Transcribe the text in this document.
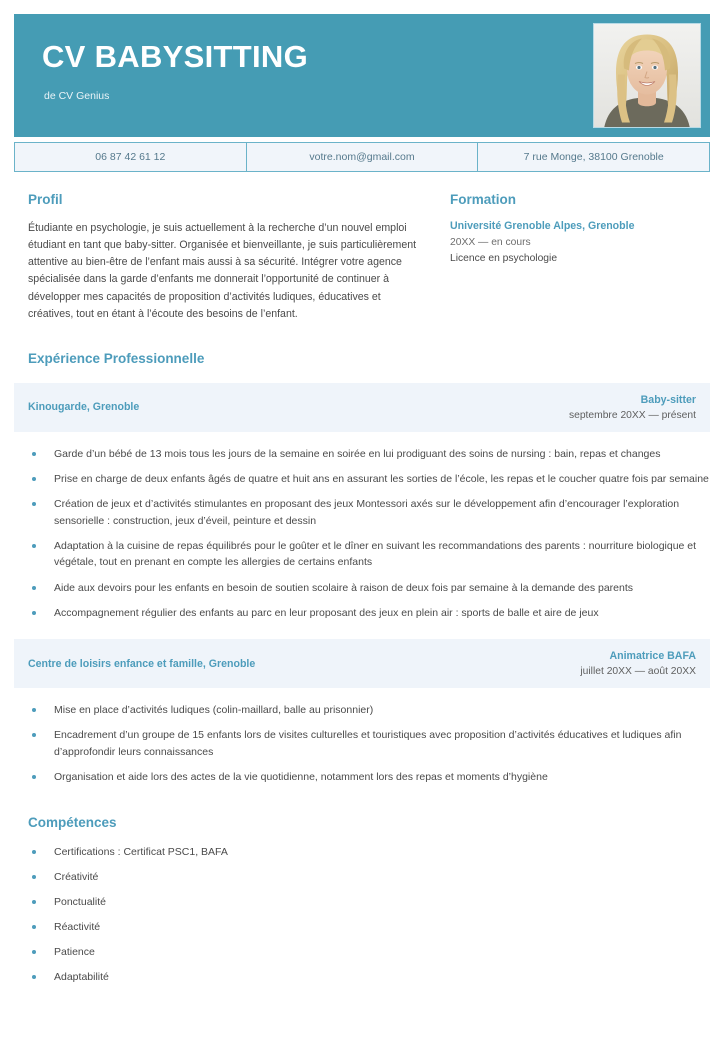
CV BABYSITTING
de CV Genius
06 87 42 61 12	votre.nom@gmail.com	7 rue Monge, 38100 Grenoble
Profil

Étudiante en psychologie, je suis actuellement à la recherche d’un nouvel emploi étudiant en tant que baby-sitter. Organisée et bienveillante, je suis particulièrement attentive au bien-être de l’enfant mais aussi à sa sécurité. Intégrer votre agence spécialisée dans la garde d’enfants me donnerait l’opportunité de continuer à développer mes capacités de proposition d’activités ludiques, éducatives et créatives, tout en étant à l’écoute des besoins de l’enfant.

Formation
Université Grenoble Alpes, Grenoble
20XX — en cours
Licence en psychologie
Expérience Professionnelle
Kinougarde, Grenoble
Baby-sitter
septembre 20XX — présent
Garde d’un bébé de 13 mois tous les jours de la semaine en soirée en lui prodiguant des soins de nursing : bain, repas et changes
Prise en charge de deux enfants âgés de quatre et huit ans en assurant les sorties de l’école, les repas et le coucher quatre fois par semaine
Création de jeux et d’activités stimulantes en proposant des jeux Montessori axés sur le développement afin d’encourager l’exploration sensorielle : construction, jeux d’éveil, peinture et dessin
Adaptation à la cuisine de repas équilibrés pour le goûter et le dîner en suivant les recommandations des parents : nourriture biologique et végétale, tout en prenant en compte les allergies de certains enfants
Aide aux devoirs pour les enfants en besoin de soutien scolaire à raison de deux fois par semaine à la demande des parents
Accompagnement régulier des enfants au parc en leur proposant des jeux en plein air : sports de balle et aire de jeux
Centre de loisirs enfance et famille, Grenoble
Animatrice BAFA
juillet 20XX — août 20XX
Mise en place d’activités ludiques (colin-maillard, balle au prisonnier)
Encadrement d’un groupe de 15 enfants lors de visites culturelles et touristiques avec proposition d’activités éducatives et ludiques afin d’approfondir leurs connaissances
Organisation et aide lors des actes de la vie quotidienne, notamment lors des repas et moments d’hygiène
Compétences
Certifications : Certificat PSC1, BAFA
Créativité
Ponctualité
Réactivité
Patience
Adaptabilité
